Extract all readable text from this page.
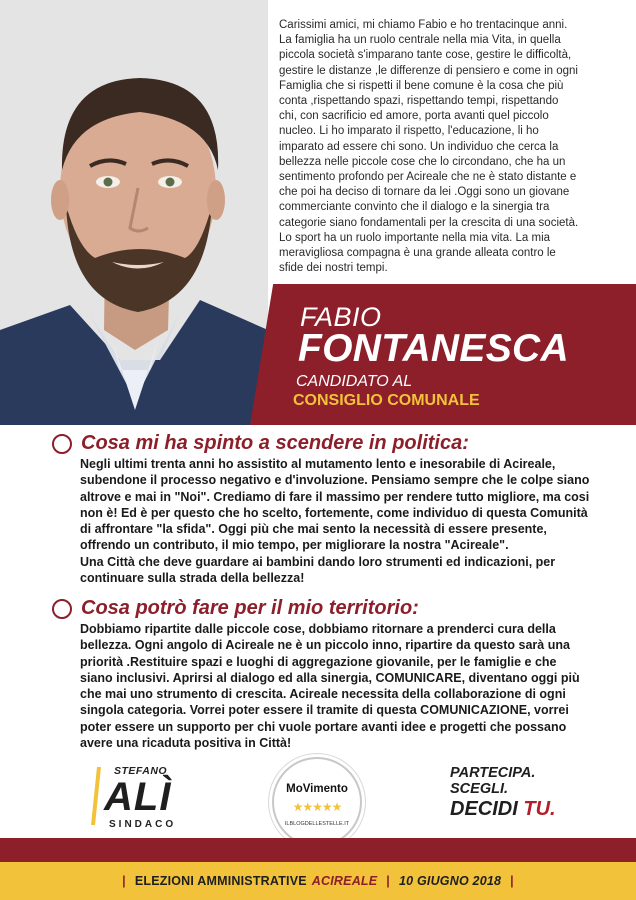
Carissimi amici, mi chiamo Fabio e ho trentacinque anni.
La famiglia ha un ruolo centrale nella mia Vita, in quella
piccola società s'imparano tante cose, gestire le difficoltà,
gestire le distanze ,le differenze di pensiero e come in ogni
Famiglia che si rispetti il bene comune è la cosa che più
conta ,rispettando spazi, rispettando tempi, rispettando
chi, con sacrificio ed amore, porta avanti quel piccolo
nucleo. Li ho imparato il rispetto, l'educazione, li ho
imparato ad essere chi sono. Un individuo che cerca la
bellezza nelle piccole cose che lo circondano, che ha un
sentimento profondo per Acireale che ne è stato distante e
che poi ha deciso di tornare da lei .Oggi sono un giovane
commerciante convinto che il dialogo e la sinergia tra
categorie siano fondamentali per la crescita di una società.
Lo sport ha un ruolo importante nella mia vita. La mia
meravigliosa compagna è una grande alleata contro le
sfide dei nostri tempi.
FABIO
FONTANESCA
CANDIDATO AL
CONSIGLIO COMUNALE
Cosa mi ha spinto a scendere in politica:

Negli ultimi trenta anni ho assistito al mutamento lento e inesorabile di Acireale,

subendone il processo negativo e d'involuzione. Pensiamo sempre che le colpe siano

altrove e mai in "Noi". Crediamo di fare il massimo per rendere tutto migliore, ma cosi

non è! Ed è per questo che ho scelto, fortemente, come individuo di questa Comunità

di affrontare "la sfida". Oggi più che mai sento la necessità di essere presente,

offrendo un contributo, il mio tempo, per migliorare la nostra "Acireale".

Una Città che deve guardare ai bambini dando loro strumenti ed indicazioni, per

continuare sulla strada della bellezza!

Cosa potrò fare per il mio territorio:

Dobbiamo ripartite dalle piccole cose, dobbiamo ritornare a prenderci cura della

bellezza. Ogni angolo di Acireale ne è un piccolo inno, ripartire da questo sarà una

priorità .Restituire spazi e luoghi di aggregazione giovanile, per le famiglie e che

siano inclusivi. Aprirsi al dialogo ed alla sinergia, COMUNICARE, diventano oggi più

che mai uno strumento di crescita. Acireale necessita della collaborazione di ogni

singola categoria. Vorrei poter essere il tramite di questa COMUNICAZIONE, vorrei

poter essere un supporto per chi vuole portare avanti idee e progetti che possano

avere una ricaduta positiva in Città!

STEFANO
ALÌ
SINDACO
MoVimento
★★★★★
ILBLOGDELLESTELLE.IT
PARTECIPA.
SCEGLI.
DECIDI TU.
| ELEZIONI AMMINISTRATIVE ACIREALE | 10 GIUGNO 2018 |
